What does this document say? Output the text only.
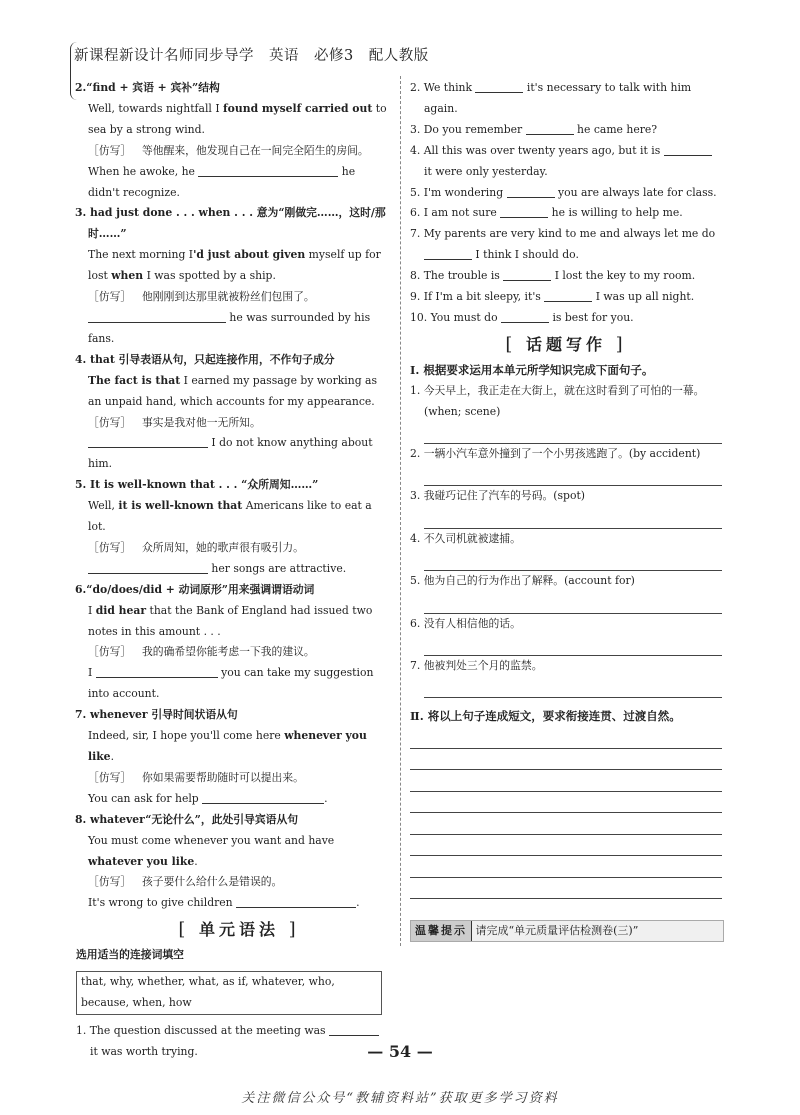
新课程新设计名师同步导学　英语　必修3　配人教版

2.“find + 宾语 + 宾补”结构

Well, towards nightfall I found myself carried out to sea by a strong wind.

［仿写］　等他醒来，他发现自己在一间完全陌生的房间。

When he awoke, he	he didn't recognize.

3. had just done . . . when . . . 意为“刚做完……，这时/那时……”

The next morning I'd just about given myself up for lost when I was spotted by a ship.

［仿写］　他刚刚到达那里就被粉丝们包围了。

he was surrounded by his fans.

4. that 引导表语从句，只起连接作用，不作句子成分

The fact is that I earned my passage by working as an unpaid hand, which accounts for my appearance.

［仿写］　事实是我对他一无所知。

I do not know anything about him.

5. It is well-known that . . . “众所周知……”

Well, it is well-known that Americans like to eat a lot.

［仿写］　众所周知，她的歌声很有吸引力。

her songs are attractive.

6.“do/does/did + 动词原形”用来强调谓语动词

I did hear that the Bank of England had issued two notes in this amount . . .

［仿写］　我的确希望你能考虑一下我的建议。

I	you can take my suggestion into account.

7. whenever 引导时间状语从句

Indeed, sir, I hope you'll come here whenever you like.

［仿写］　你如果需要帮助随时可以提出来。

You can ask for help	.

8. whatever“无论什么”，此处引导宾语从句

You must come whenever you want and have whatever you like.

［仿写］　孩子要什么给什么是错误的。

It's wrong to give children	.

[ 单元语法 ]

选用适当的连接词填空

that, why, whether, what, as if, whatever, who, because, when, how

1. The question discussed at the meeting was  it was worth trying.

2. We think	it's necessary to talk with him again.

3. Do you remember	he came here?

4. All this was over twenty years ago, but it is  it were only yesterday.

5. I'm wondering	you are always late for class.

6. I am not sure	he is willing to help me.

7. My parents are very kind to me and always let me do  I think I should do.

8. The trouble is	I lost the key to my room.

9. If I'm a bit sleepy, it's	I was up all night.

10. You must do	is best for you.

[ 话题写作 ]

Ⅰ. 根据要求运用本单元所学知识完成下面句子。

1. 今天早上，我正走在大街上，就在这时看到了可怕的一幕。(when; scene)

2. 一辆小汽车意外撞到了一个小男孩逃跑了。(by accident)

3. 我碰巧记住了汽车的号码。(spot)

4. 不久司机就被逮捕。

5. 他为自己的行为作出了解释。(account for)

6. 没有人相信他的话。

7. 他被判处三个月的监禁。

Ⅱ. 将以上句子连成短文，要求衔接连贯、过渡自然。

温馨提示 请完成“单元质量评估检测卷(三)”
— 54 —
关注微信公众号“教辅资料站”获取更多学习资料
